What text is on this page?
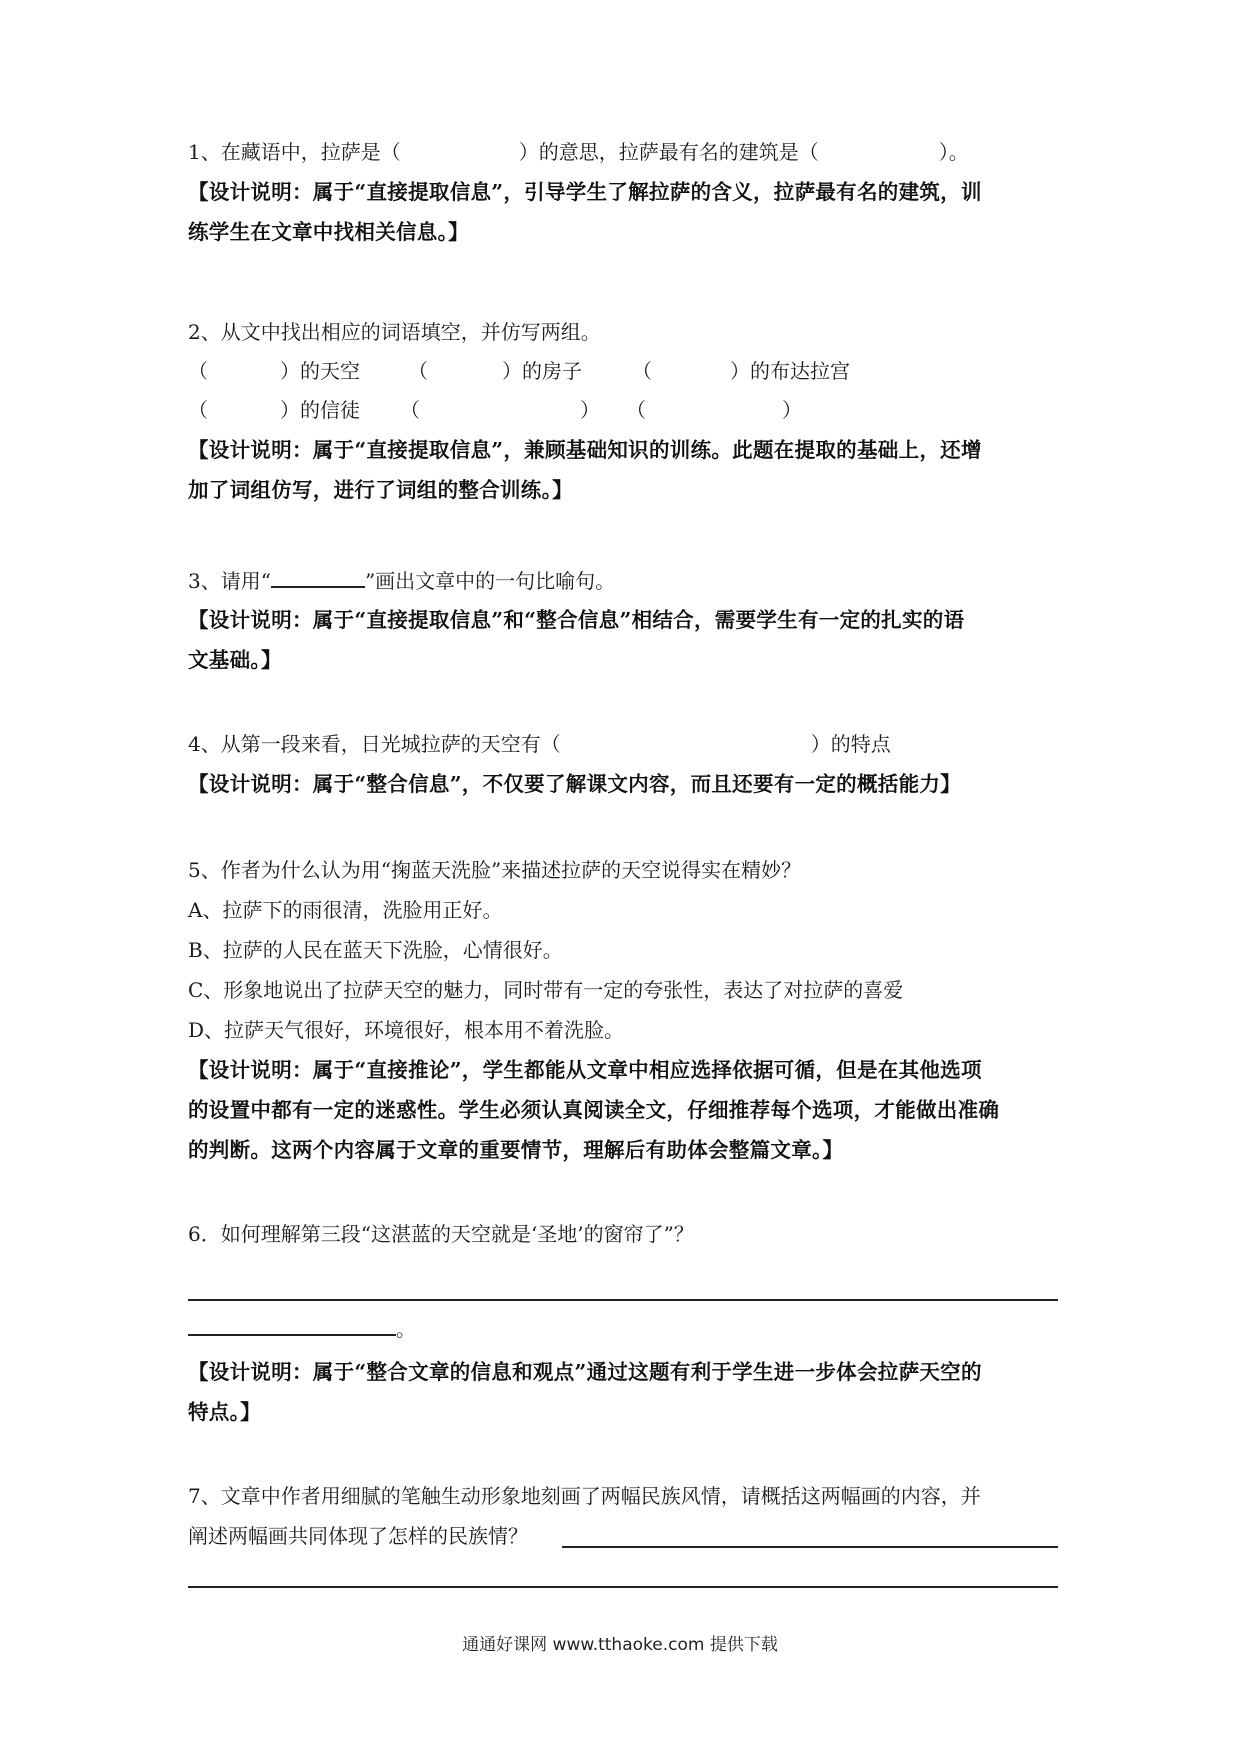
1、在藏语中，拉萨是（	）的意思，拉萨最有名的建筑是（	）。
【设计说明：属于“直接提取信息”，引导学生了解拉萨的含义，拉萨最有名的建筑，训
练学生在文章中找相关信息。】
2、从文中找出相应的词语填空，并仿写两组。
（	）的天空 （	）的房子	（	）的布达拉宫
（	）的信徒 （	） （	）
【设计说明：属于“直接提取信息”，兼顾基础知识的训练。此题在提取的基础上，还增
加了词组仿写，进行了词组的整合训练。】
3、请用“	”画出文章中的一句比喻句。
【设计说明：属于“直接提取信息”和“整合信息”相结合，需要学生有一定的扎实的语
文基础。】
4、从第一段来看，日光城拉萨的天空有（	）的特点
【设计说明：属于“整合信息”，不仅要了解课文内容，而且还要有一定的概括能力】
5、作者为什么认为用“掬蓝天洗脸”来描述拉萨的天空说得实在精妙？
A、拉萨下的雨很清，洗脸用正好。
B、拉萨的人民在蓝天下洗脸，心情很好。
C、形象地说出了拉萨天空的魅力，同时带有一定的夸张性，表达了对拉萨的喜爱
D、拉萨天气很好，环境很好，根本用不着洗脸。
【设计说明：属于“直接推论”，学生都能从文章中相应选择依据可循，但是在其他选项
的设置中都有一定的迷惑性。学生必须认真阅读全文，仔细推荐每个选项，才能做出准确
的判断。这两个内容属于文章的重要情节，理解后有助体会整篇文章。】
6．如何理解第三段“这湛蓝的天空就是‘圣地’的窗帘了”？
。
【设计说明：属于“整合文章的信息和观点”通过这题有利于学生进一步体会拉萨天空的
特点。】
7、文章中作者用细腻的笔触生动形象地刻画了两幅民族风情，请概括这两幅画的内容，并
阐述两幅画共同体现了怎样的民族情？
通通好课网 www.tthaoke.com 提供下载
